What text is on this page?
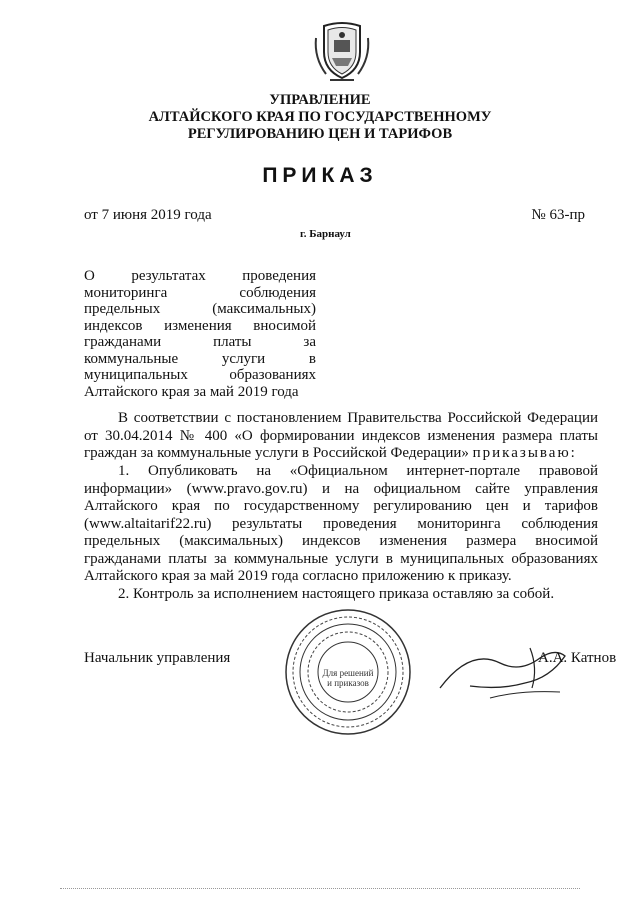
УПРАВЛЕНИЕ
АЛТАЙСКОГО КРАЯ ПО ГОСУДАРСТВЕННОМУ
РЕГУЛИРОВАНИЮ ЦЕН И ТАРИФОВ
ПРИКАЗ
от 7 июня 2019 года	№ 63-пр
г. Барнаул
О результатах проведения мониторинга соблюдения предельных (максимальных) индексов изменения вносимой гражданами платы за коммунальные услуги в муниципальных образованиях Алтайского края за май 2019 года
В соответствии с постановлением Правительства Российской Федерации от 30.04.2014 № 400 «О формировании индексов изменения размера платы граждан за коммунальные услуги в Российской Федерации» приказываю:
1. Опубликовать на «Официальном интернет-портале правовой информации» (www.pravo.gov.ru) и на официальном сайте управления Алтайского края по государственному регулированию цен и тарифов (www.altaitarif22.ru) результаты проведения мониторинга соблюдения предельных (максимальных) индексов изменения размера вносимой гражданами платы за коммунальные услуги в муниципальных образованиях Алтайского края за май 2019 года согласно приложению к приказу.
2. Контроль за исполнением настоящего приказа оставляю за собой.
Для решений
и приказов
Начальник управления	А.А. Катнов
